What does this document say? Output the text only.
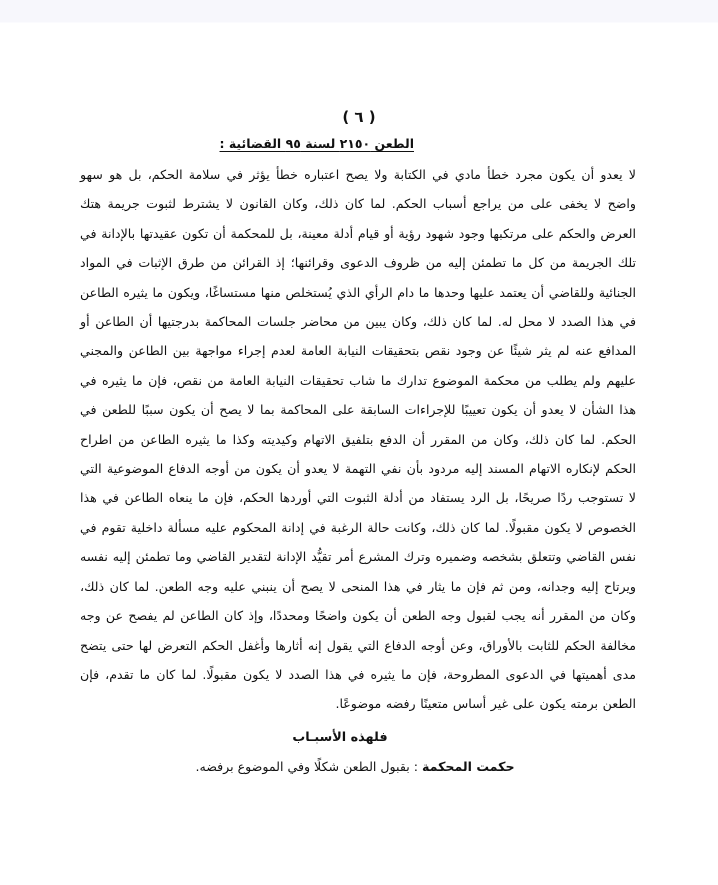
( ٦ )
الطعن ٢١٥٠ لسنة ٩٥ القضائية :

لا يعدو أن يكون مجرد خطأ مادي في الكتابة ولا يصح اعتباره خطأ يؤثر في سلامة الحكم، بل هو سهو واضح لا يخفى على من يراجع أسباب الحكم. لما كان ذلك، وكان القانون لا يشترط لثبوت جريمة هتك العرض والحكم على مرتكبها وجود شهود رؤية أو قيام أدلة معينة، بل للمحكمة أن تكون عقيدتها بالإدانة في تلك الجريمة من كل ما تطمئن إليه من ظروف الدعوى وقرائنها؛ إذ القرائن من طرق الإثبات في المواد الجنائية وللقاضي أن يعتمد عليها وحدها ما دام الرأي الذي يُستخلص منها مستساغًا، ويكون ما يثيره الطاعن في هذا الصدد لا محل له. لما كان ذلك، وكان يبين من محاضر جلسات المحاكمة بدرجتيها أن الطاعن أو المدافع عنه لم يثر شيئًا عن وجود نقص بتحقيقات النيابة العامة لعدم إجراء مواجهة بين الطاعن والمجني عليهم ولم يطلب من محكمة الموضوع تدارك ما شاب تحقيقات النيابة العامة من نقص، فإن ما يثيره في هذا الشأن لا يعدو أن يكون تعييبًا للإجراءات السابقة على المحاكمة بما لا يصح أن يكون سببًا للطعن في الحكم. لما كان ذلك، وكان من المقرر أن الدفع بتلفيق الاتهام وكيديته وكذا ما يثيره الطاعن من اطراح الحكم لإنكاره الاتهام المسند إليه مردود بأن نفي التهمة لا يعدو أن يكون من أوجه الدفاع الموضوعية التي لا تستوجب ردًا صريحًا، بل الرد يستفاد من أدلة الثبوت التي أوردها الحكم، فإن ما ينعاه الطاعن في هذا الخصوص لا يكون مقبولًا. لما كان ذلك، وكانت حالة الرغبة في إدانة المحكوم عليه مسألة داخلية تقوم في نفس القاضي وتتعلق بشخصه وضميره وترك المشرع أمر تقيُّد الإدانة لتقدير القاضي وما تطمئن إليه نفسه ويرتاح إليه وجدانه، ومن ثم فإن ما يثار في هذا المنحى لا يصح أن ينبني عليه وجه الطعن. لما كان ذلك، وكان من المقرر أنه يجب لقبول وجه الطعن أن يكون واضحًا ومحددًا، وإذ كان الطاعن لم يفصح عن وجه مخالفة الحكم للثابت بالأوراق، وعن أوجه الدفاع التي يقول إنه أثارها وأغفل الحكم التعرض لها حتى يتضح مدى أهميتها في الدعوى المطروحة، فإن ما يثيره في هذا الصدد لا يكون مقبولًا. لما كان ما تقدم، فإن الطعن برمته يكون على غير أساس متعينًا رفضه موضوعًا.

فلهذه الأسبـاب
حكمت المحكمة : بقبول الطعن شكلًا وفي الموضوع برفضه.
